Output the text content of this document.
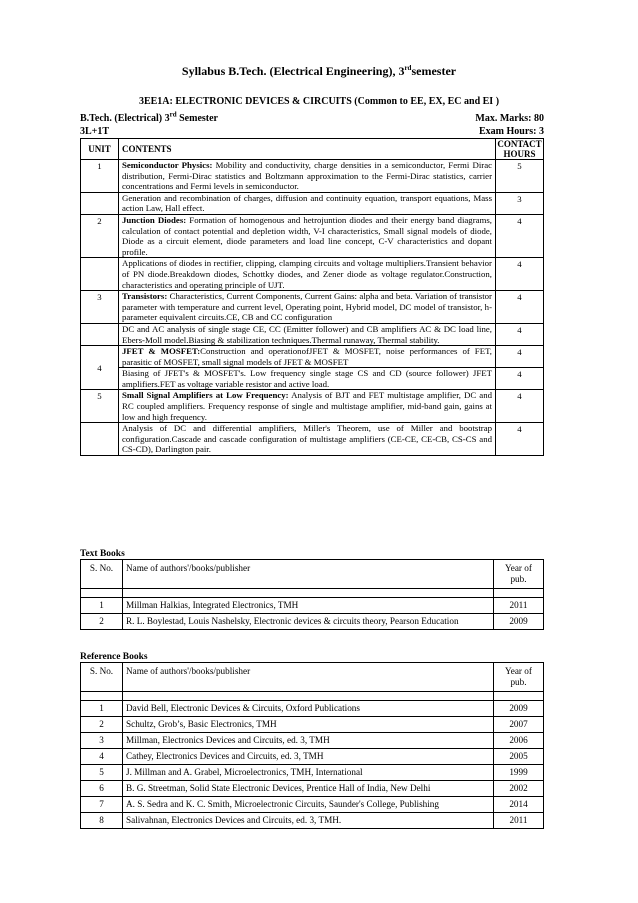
Syllabus B.Tech. (Electrical Engineering), 3rdsemester
3EE1A: ELECTRONIC DEVICES & CIRCUITS (Common to EE, EX, EC and EI )
B.Tech. (Electrical) 3rd Semester	Max. Marks: 80
3L+1T	Exam Hours: 3
UNIT	CONTENTS	CONTACT
HOURS
1	Semiconductor Physics: Mobility and conductivity, charge densities in a semiconductor, Fermi Dirac distribution, Fermi-Dirac statistics and Boltzmann approximation to the Fermi-Dirac statistics, carrier concentrations and Fermi levels in semiconductor.	5
	Generation and recombination of charges, diffusion and continuity equation, transport equations, Mass action Law, Hall effect.	3
2	Junction Diodes: Formation of homogenous and hetrojuntion diodes and their energy band diagrams, calculation of contact potential and depletion width, V-I characteristics, Small signal models of diode, Diode as a circuit element, diode parameters and load line concept, C-V characteristics and dopant profile.	4
	Applications of diodes in rectifier, clipping, clamping circuits and voltage multipliers.Transient behavior of PN diode.Breakdown diodes, Schottky diodes, and Zener diode as voltage regulator.Construction, characteristics and operating principle of UJT.	4
3	Transistors: Characteristics, Current Components, Current Gains: alpha and beta. Variation of transistor parameter with temperature and current level, Operating point, Hybrid model, DC model of transistor, h-parameter equivalent circuits.CE, CB and CC configuration	4
	DC and AC analysis of single stage CE, CC (Emitter follower) and CB amplifiers AC & DC load line, Ebers-Moll model.Biasing & stabilization techniques.Thermal runaway, Thermal stability.	4
4	JFET & MOSFET:Construction and operationofJFET & MOSFET, noise performances of FET, parasitic of MOSFET, small signal models of JFET & MOSFET	4
	Biasing of JFET's & MOSFET's. Low frequency single stage CS and CD (source follower) JFET amplifiers.FET as voltage variable resistor and active load.	4
5	Small Signal Amplifiers at Low Frequency: Analysis of BJT and FET multistage amplifier, DC and RC coupled amplifiers. Frequency response of single and multistage amplifier, mid-band gain, gains at low and high frequency.	4
	Analysis of DC and differential amplifiers, Miller's Theorem, use of Miller and bootstrap configuration.Cascade and cascade configuration of multistage amplifiers (CE-CE, CE-CB, CS-CS and CS-CD), Darlington pair.	4
Text Books
S. No.	Name of authors'/books/publisher	Year of pub.

1	Millman Halkias, Integrated Electronics, TMH	2011
2	R. L. Boylestad, Louis Nashelsky, Electronic devices & circuits theory, Pearson Education	2009
Reference Books
S. No.	Name of authors'/books/publisher	Year of pub.

1	David Bell, Electronic Devices & Circuits, Oxford Publications	2009
2	Schultz, Grob’s, Basic Electronics, TMH	2007
3	Millman, Electronics Devices and Circuits, ed. 3, TMH	2006
4	Cathey, Electronics Devices and Circuits, ed. 3, TMH	2005
5	J. Millman and A. Grabel, Microelectronics, TMH, International	1999
6	B. G. Streetman, Solid State Electronic Devices, Prentice Hall of India, New Delhi	2002
7	A. S. Sedra and K. C. Smith, Microelectronic Circuits, Saunder's College, Publishing	2014
8	Salivahnan, Electronics Devices and Circuits, ed. 3, TMH.	2011
